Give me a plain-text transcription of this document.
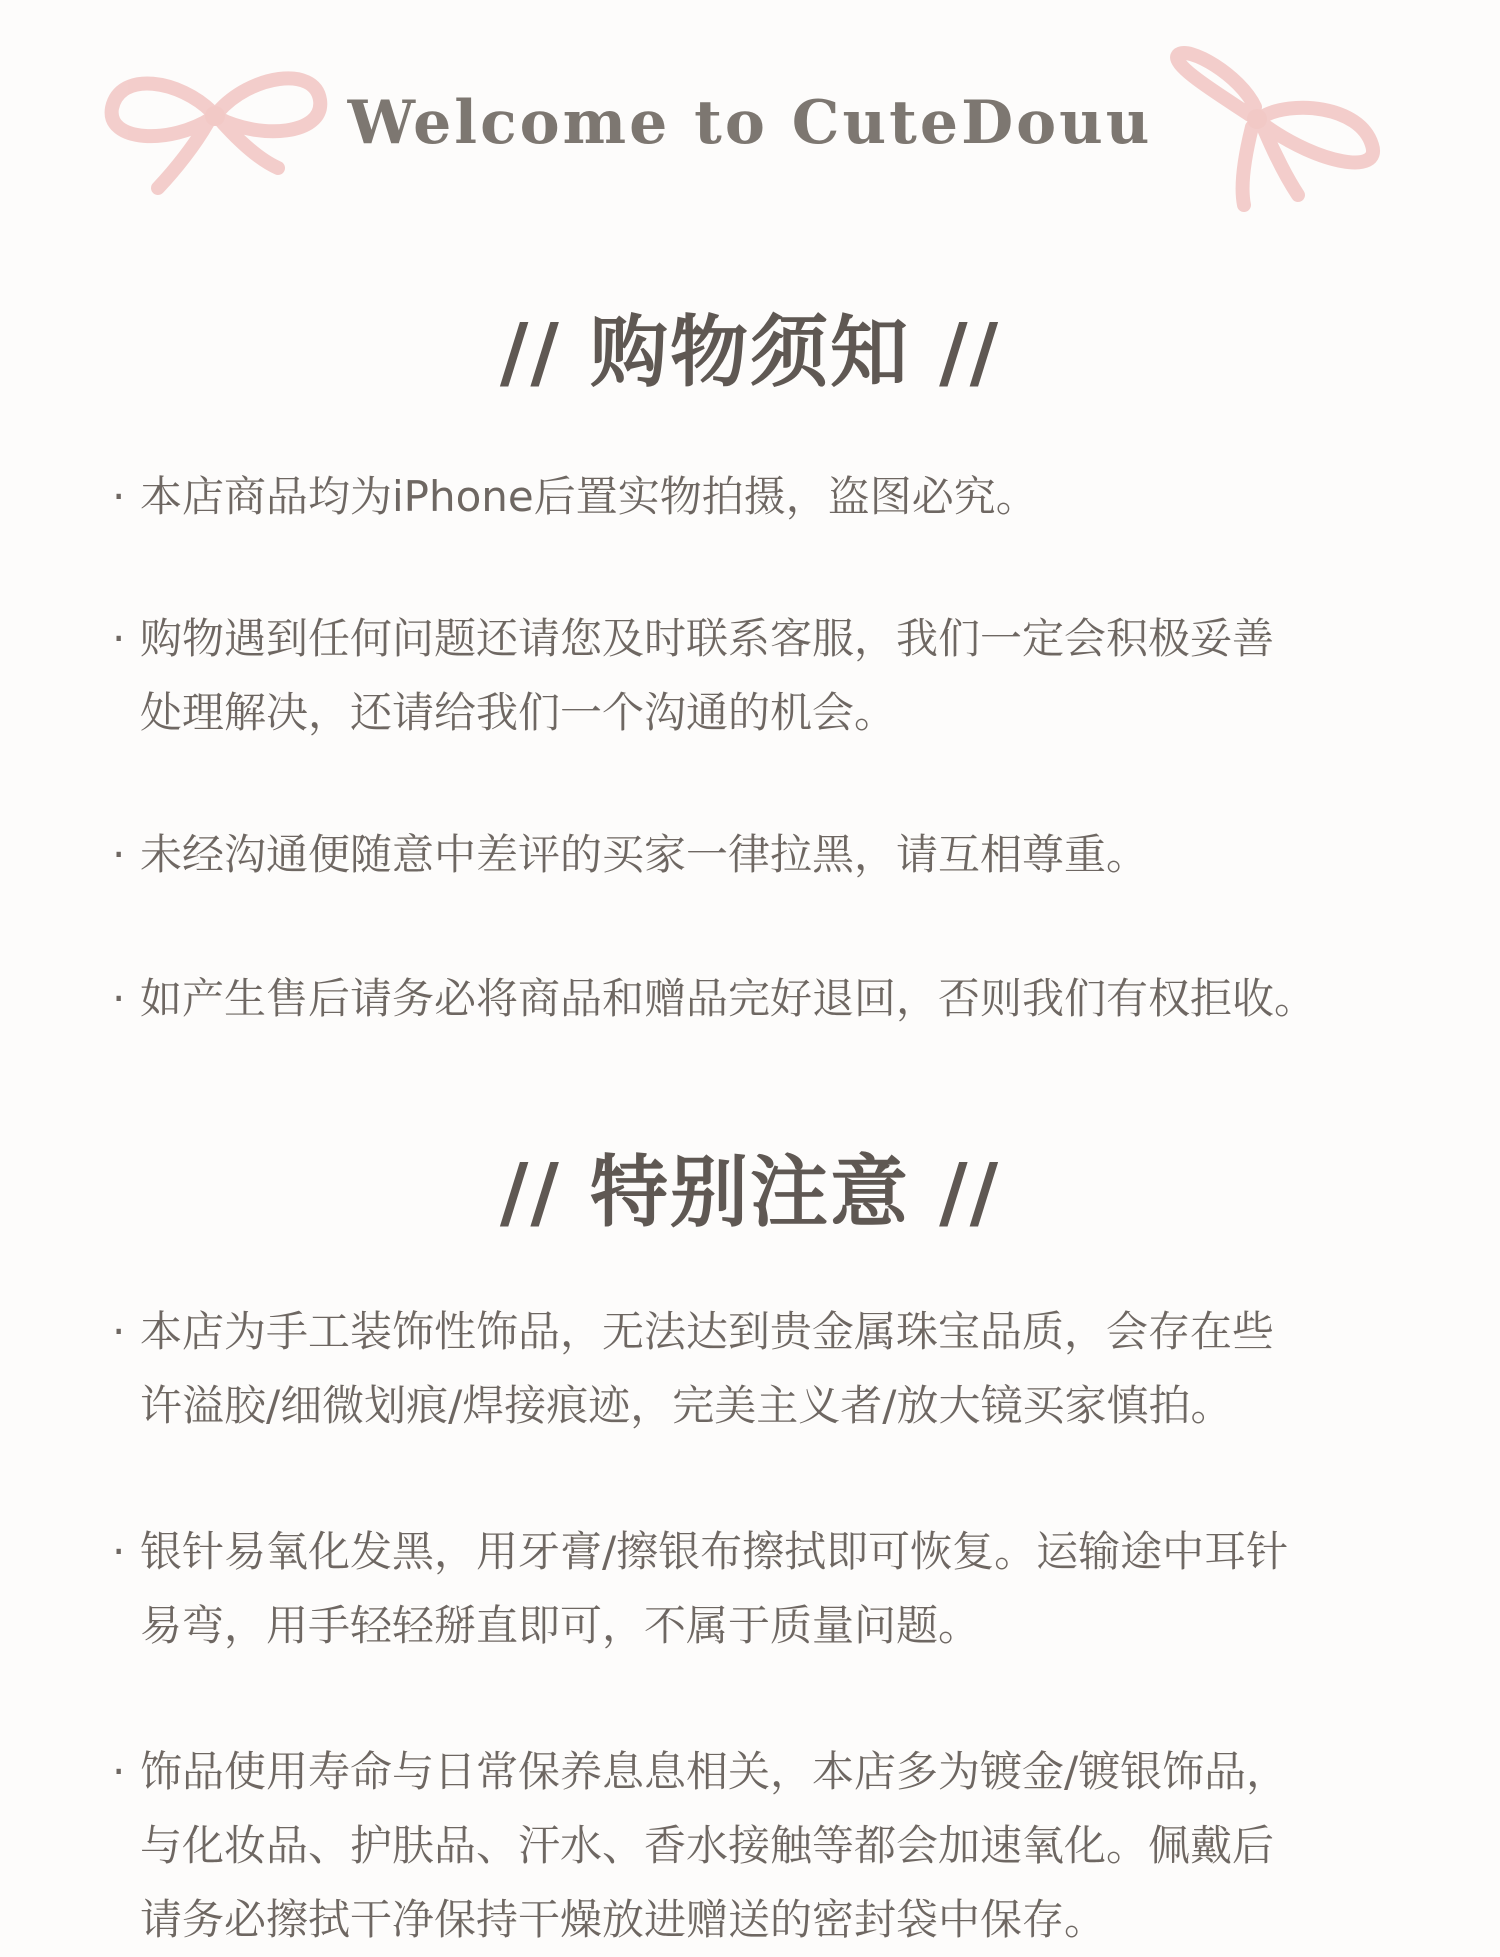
Welcome to CuteDouu
// 购物须知 //
· 本店商品均为iPhone后置实物拍摄，盗图必究。
· 购物遇到任何问题还请您及时联系客服，我们一定会积极妥善
处理解决，还请给我们一个沟通的机会。
· 未经沟通便随意中差评的买家一律拉黑，请互相尊重。
· 如产生售后请务必将商品和赠品完好退回，否则我们有权拒收。
// 特别注意 //
· 本店为手工装饰性饰品，无法达到贵金属珠宝品质，会存在些
许溢胶/细微划痕/焊接痕迹，完美主义者/放大镜买家慎拍。
· 银针易氧化发黑，用牙膏/擦银布擦拭即可恢复。运输途中耳针
易弯，用手轻轻掰直即可，不属于质量问题。
· 饰品使用寿命与日常保养息息相关，本店多为镀金/镀银饰品，
与化妆品、护肤品、汗水、香水接触等都会加速氧化。佩戴后
请务必擦拭干净保持干燥放进赠送的密封袋中保存。
